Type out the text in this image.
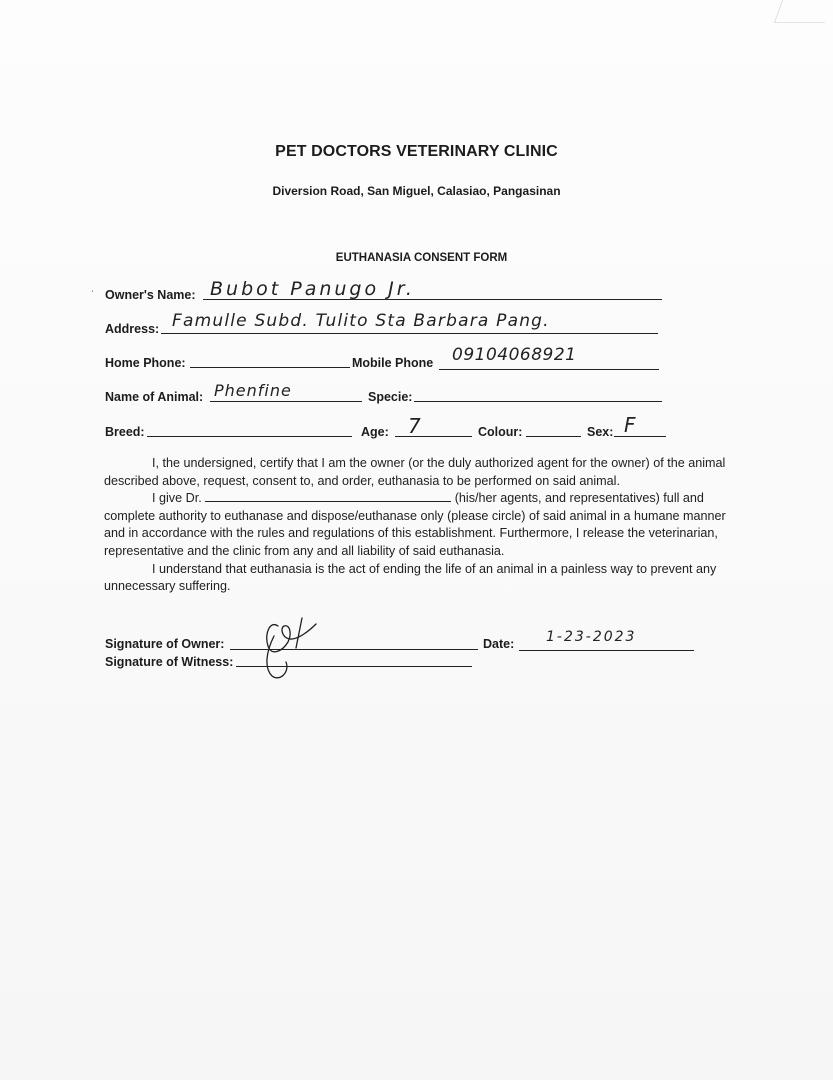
PET DOCTORS VETERINARY CLINIC
Diversion Road, San Miguel, Calasiao, Pangasinan
EUTHANASIA CONSENT FORM
ˈ Owner's Name: Bubot Panugo Jr.
Address: Famulle Subd. Tulito Sta Barbara Pang.
Home Phone:	Mobile Phone 09104068921
Name of Animal: Phenfine	Specie:
Breed:	Age: 7	Colour:	Sex: F

I, the undersigned, certify that I am the owner (or the duly authorized agent for the owner) of the animal described above, request, consent to, and order, euthanasia to be performed on said animal.

I give Dr.	(his/her agents, and representatives) full and complete authority to euthanase and dispose/euthanase only (please circle) of said animal in a humane manner and in accordance with the rules and regulations of this establishment. Furthermore, I release the veterinarian, representative and the clinic from any and all liability of said euthanasia.

I understand that euthanasia is the act of ending the life of an animal in a painless way to prevent any unnecessary suffering.

Signature of Owner:	Date: 1-23-2023
Signature of Witness:
